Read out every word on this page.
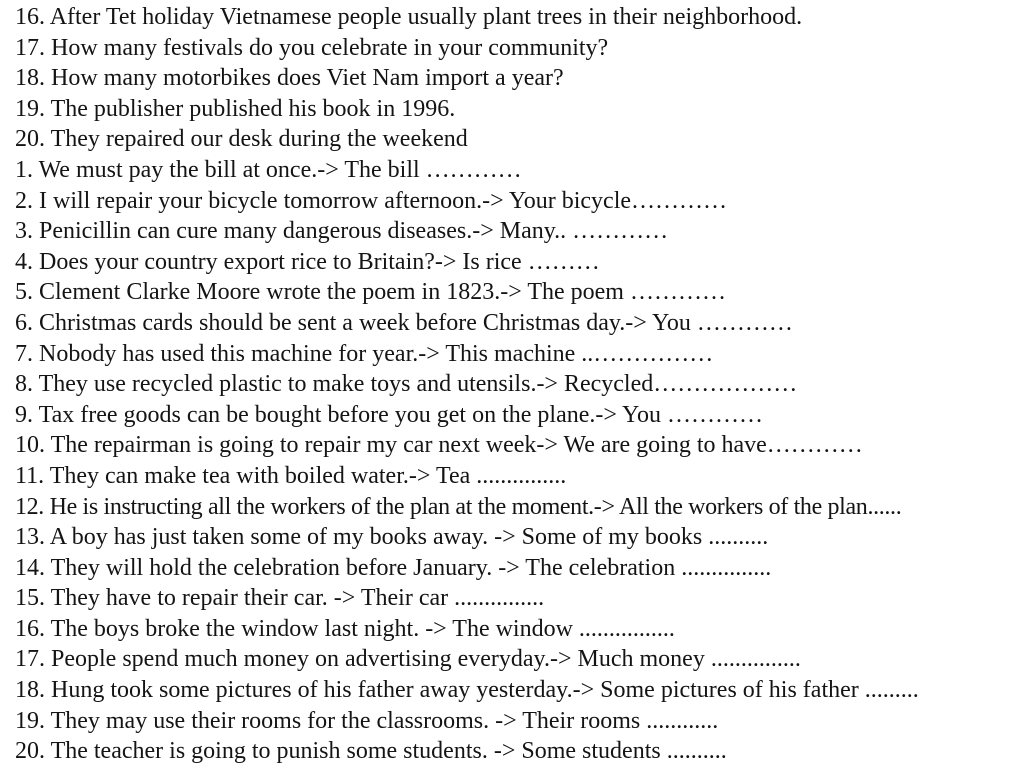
16. After Tet holiday Vietnamese people usually plant trees in their neighborhood.
17. How many festivals do you celebrate in your community?
18. How many motorbikes does Viet Nam import a year?
19. The publisher published his book in 1996.
20. They repaired our desk during the weekend
1. We must pay the bill at once.-> The bill …………
2. I will repair your bicycle tomorrow afternoon.-> Your bicycle…………
3. Penicillin can cure many dangerous diseases.-> Many.. …………
4. Does your country export rice to Britain?-> Is rice ………
5. Clement Clarke Moore wrote the poem in 1823.-> The poem …………
6. Christmas cards should be sent a week before Christmas day.-> You …………
7. Nobody has used this machine for year.-> This machine ..……………
8. They use recycled plastic to make toys and utensils.-> Recycled………………
9. Tax free goods can be bought before you get on the plane.-> You …………
10. The repairman is going to repair my car next week-> We are going to have…………
11. They can make tea with boiled water.-> Tea ...............
12. He is instructing all the workers of the plan at the moment.-> All the workers of the plan......
13. A boy has just taken some of my books away. -> Some of my books ..........
14. They will hold the celebration before January. -> The celebration ...............
15. They have to repair their car. -> Their car ...............
16. The boys broke the window last night. -> The window ................
17. People spend much money on advertising everyday.-> Much money ...............
18. Hung took some pictures of his father away yesterday.-> Some pictures of his father .........
19. They may use their rooms for the classrooms. -> Their rooms ............
20. The teacher is going to punish some students. -> Some students ..........
